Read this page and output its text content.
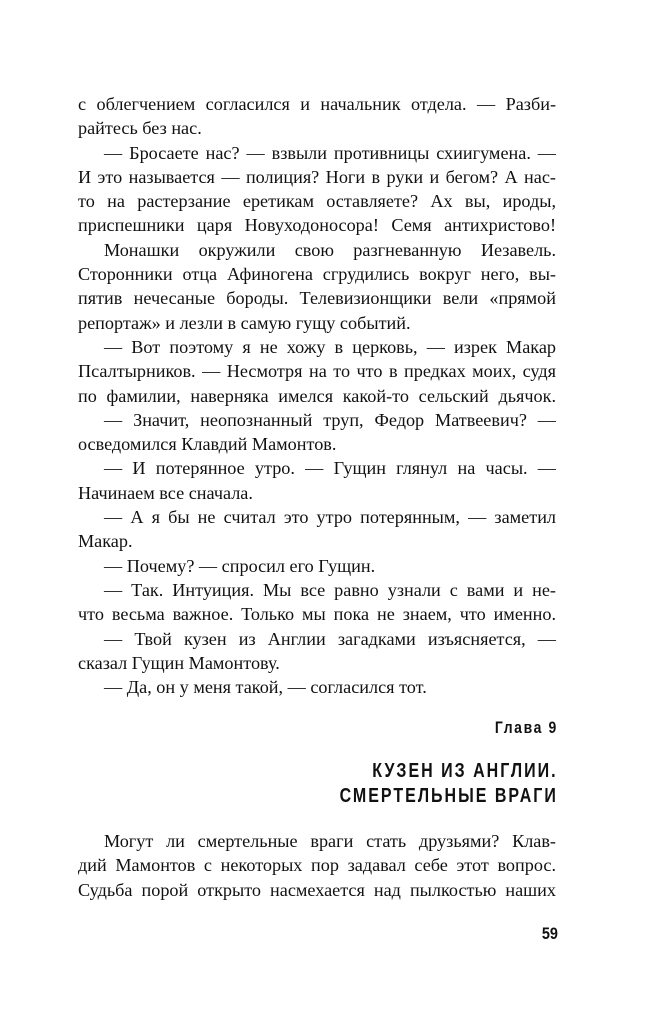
с облегчением согласился и начальник отдела. — Разби-
райтесь без нас.
— Бросаете нас? — взвыли противницы схиигумена. —
И это называется — полиция? Ноги в руки и бегом? А нас-
то на растерзание еретикам оставляете? Ах вы, ироды,
приспешники царя Новуходоносора! Семя антихристово!
Монашки окружили свою разгневанную Иезавель.
Сторонники отца Афиногена сгрудились вокруг него, вы-
пятив нечесаные бороды. Телевизионщики вели «прямой
репортаж» и лезли в самую гущу событий.
— Вот поэтому я не хожу в церковь, — изрек Макар
Псалтырников. — Несмотря на то что в предках моих, судя
по фамилии, наверняка имелся какой-то сельский дьячок.
— Значит, неопознанный труп, Федор Матвеевич? —
осведомился Клавдий Мамонтов.
— И потерянное утро. — Гущин глянул на часы. —
Начинаем все сначала.
— А я бы не считал это утро потерянным, — заметил
Макар.
— Почему? — спросил его Гущин.
— Так. Интуиция. Мы все равно узнали с вами и не-
что весьма важное. Только мы пока не знаем, что именно.
— Твой кузен из Англии загадками изъясняется, —
сказал Гущин Мамонтову.
— Да, он у меня такой, — согласился тот.
Глава 9
КУЗЕН ИЗ АНГЛИИ.
СМЕРТЕЛЬНЫЕ ВРАГИ
Могут ли смертельные враги стать друзьями? Клав-
дий Мамонтов с некоторых пор задавал себе этот вопрос.
Судьба порой открыто насмехается над пылкостью наших
59
